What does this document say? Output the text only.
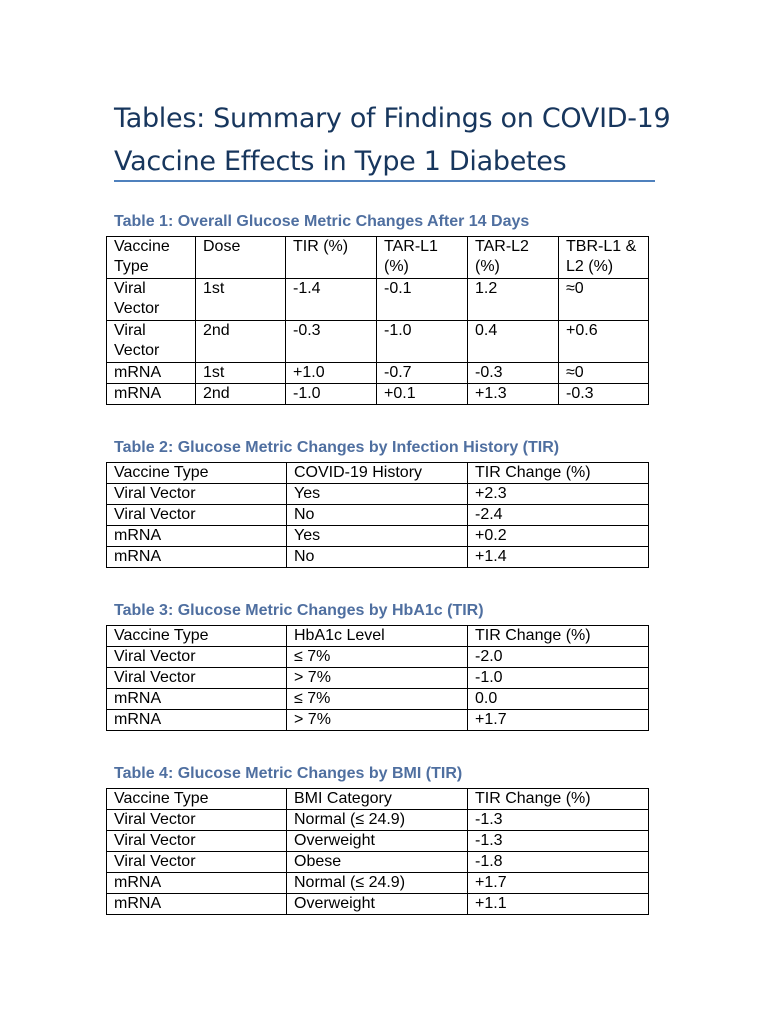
Tables: Summary of Findings on COVID-19 Vaccine Effects in Type 1 Diabetes
Table 1: Overall Glucose Metric Changes After 14 Days
Vaccine Type	Dose	TIR (%)	TAR-L1 (%)	TAR-L2 (%)	TBR-L1 & L2 (%)
Viral Vector	1st	-1.4	-0.1	1.2	≈0
Viral Vector	2nd	-0.3	-1.0	0.4	+0.6
mRNA	1st	+1.0	-0.7	-0.3	≈0
mRNA	2nd	-1.0	+0.1	+1.3	-0.3
Table 2: Glucose Metric Changes by Infection History (TIR)
Vaccine Type	COVID-19 History	TIR Change (%)
Viral Vector	Yes	+2.3
Viral Vector	No	-2.4
mRNA	Yes	+0.2
mRNA	No	+1.4
Table 3: Glucose Metric Changes by HbA1c (TIR)
Vaccine Type	HbA1c Level	TIR Change (%)
Viral Vector	≤ 7%	-2.0
Viral Vector	> 7%	-1.0
mRNA	≤ 7%	0.0
mRNA	> 7%	+1.7
Table 4: Glucose Metric Changes by BMI (TIR)
Vaccine Type	BMI Category	TIR Change (%)
Viral Vector	Normal (≤ 24.9)	-1.3
Viral Vector	Overweight	-1.3
Viral Vector	Obese	-1.8
mRNA	Normal (≤ 24.9)	+1.7
mRNA	Overweight	+1.1
